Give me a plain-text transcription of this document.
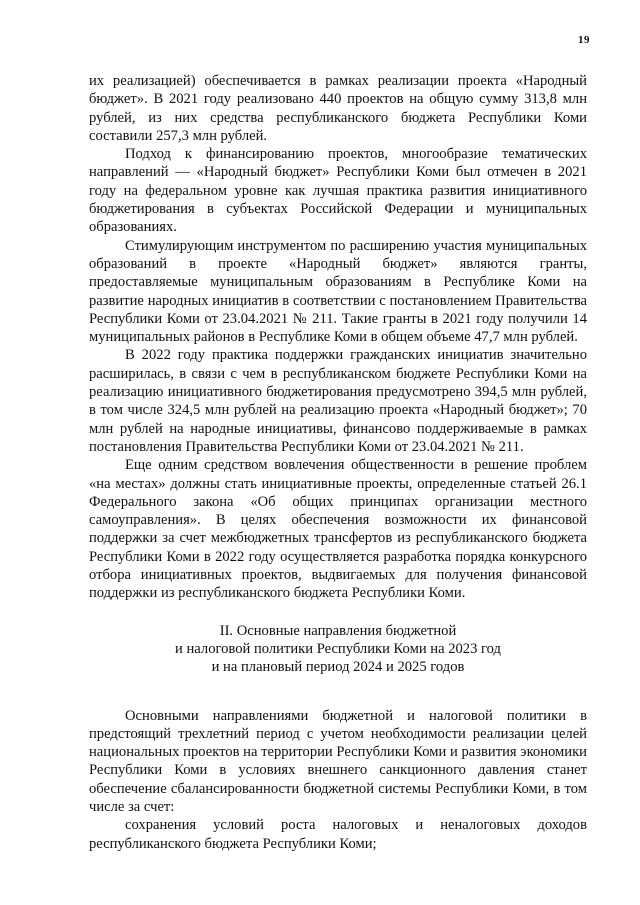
19

их реализацией) обеспечивается в рамках реализации проекта «Народный бюджет». В 2021 году реализовано 440 проектов на общую сумму 313,8 млн рублей, из них средства республиканского бюджета Республики Коми составили 257,3 млн рублей.

Подход к финансированию проектов, многообразие тематических направлений — «Народный бюджет» Республики Коми был отмечен в 2021 году на федеральном уровне как лучшая практика развития инициативного бюджетирования в субъектах Российской Федерации и муниципальных образованиях.

Стимулирующим инструментом по расширению участия муниципальных образований в проекте «Народный бюджет» являются гранты, предоставляемые муниципальным образованиям в Республике Коми на развитие народных инициатив в соответствии с постановлением Правительства Республики Коми от 23.04.2021 № 211. Такие гранты в 2021 году получили 14 муниципальных районов в Республике Коми в общем объеме 47,7 млн рублей.

В 2022 году практика поддержки гражданских инициатив значительно расширилась, в связи с чем в республиканском бюджете Республики Коми на реализацию инициативного бюджетирования предусмотрено 394,5 млн рублей, в том числе 324,5 млн рублей на реализацию проекта «Народный бюджет»; 70 млн рублей на народные инициативы, финансово поддерживаемые в рамках постановления Правительства Республики Коми от 23.04.2021 № 211.

Еще одним средством вовлечения общественности в решение проблем «на местах» должны стать инициативные проекты, определенные статьей 26.1 Федерального закона «Об общих принципах организации местного самоуправления». В целях обеспечения возможности их финансовой поддержки за счет межбюджетных трансфертов из республиканского бюджета Республики Коми в 2022 году осуществляется разработка порядка конкурсного отбора инициативных проектов, выдвигаемых для получения финансовой поддержки из республиканского бюджета Республики Коми.

II. Основные направления бюджетной
и налоговой политики Республики Коми на 2023 год
и на плановый период 2024 и 2025 годов

Основными направлениями бюджетной и налоговой политики в предстоящий трехлетний период с учетом необходимости реализации целей национальных проектов на территории Республики Коми и развития экономики Республики Коми в условиях внешнего санкционного давления станет обеспечение сбалансированности бюджетной системы Республики Коми, в том числе за счет:

сохранения условий роста налоговых и неналоговых доходов республиканского бюджета Республики Коми;
